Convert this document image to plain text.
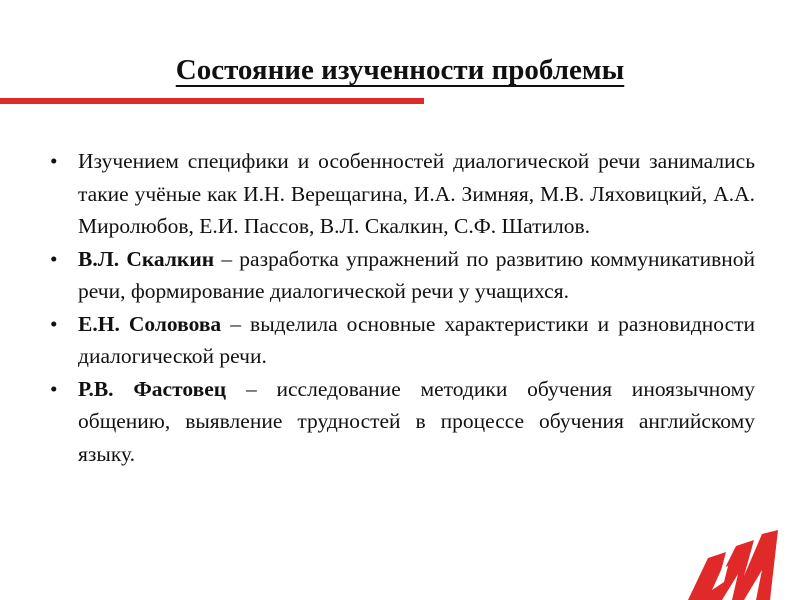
Состояние изученности проблемы
• Изучением специфики и особенностей диалогической речи занимались такие учёные как И.Н. Верещагина, И.А. Зимняя, М.В. Ляховицкий, А.А. Миролюбов, Е.И. Пассов, В.Л. Скалкин, С.Ф. Шатилов.
• В.Л. Скалкин – разработка упражнений по развитию коммуникативной речи, формирование диалогической речи у учащихся.
• Е.Н. Соловова – выделила основные характеристики и разновидности диалогической речи.
• Р.В. Фастовец – исследование методики обучения иноязычному общению, выявление трудностей в процессе обучения английскому языку.
